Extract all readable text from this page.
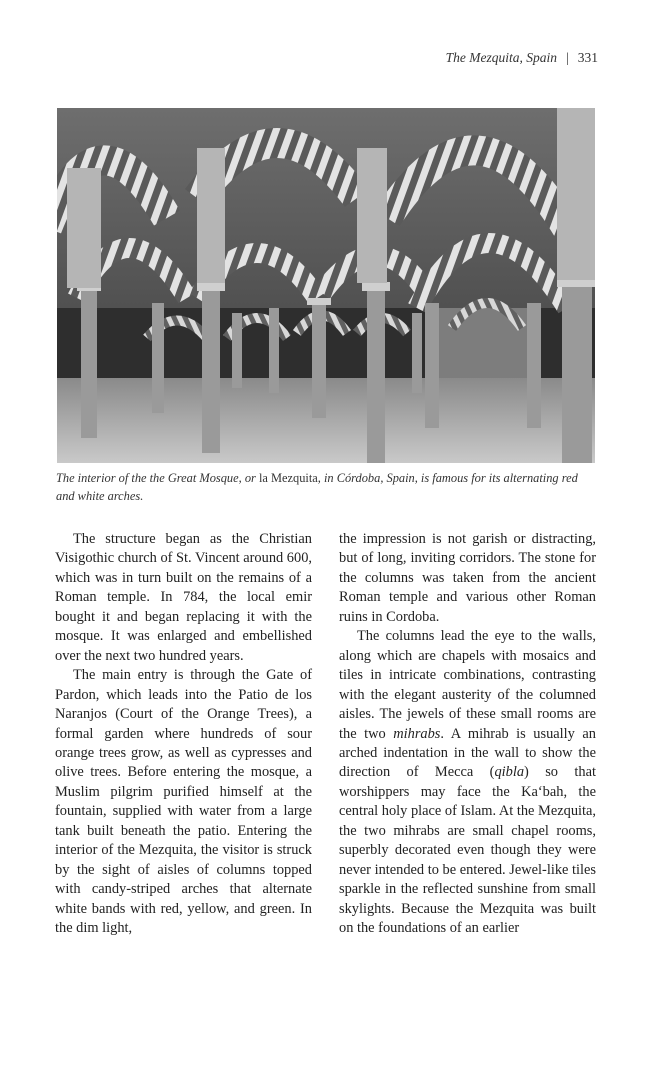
The Mezquita, Spain | 331
The interior of the the Great Mosque, or la Mezquita, in Córdoba, Spain, is famous for its alternating red and white arches.

The structure began as the Christian Visigothic church of St. Vincent around 600, which was in turn built on the remains of a Roman temple. In 784, the local emir bought it and began replacing it with the mosque. It was enlarged and embellished over the next two hundred years.

The main entry is through the Gate of Pardon, which leads into the Patio de los Naranjos (Court of the Orange Trees), a formal garden where hundreds of sour orange trees grow, as well as cypresses and olive trees. Before entering the mosque, a Muslim pilgrim purified himself at the fountain, supplied with water from a large tank built beneath the patio. Entering the interior of the Mezquita, the visitor is struck by the sight of aisles of columns topped with candy-striped arches that alternate white bands with red, yellow, and green. In the dim light,

the impression is not garish or distracting, but of long, inviting corridors. The stone for the columns was taken from the ancient Roman temple and various other Roman ruins in Cordoba.

The columns lead the eye to the walls, along which are chapels with mosaics and tiles in intricate combinations, contrasting with the elegant austerity of the columned aisles. The jewels of these small rooms are the two mihrabs. A mihrab is usually an arched indentation in the wall to show the direction of Mecca (qibla) so that worshippers may face the Ka‘bah, the central holy place of Islam. At the Mezquita, the two mihrabs are small chapel rooms, superbly decorated even though they were never intended to be entered. Jewel-like tiles sparkle in the reflected sunshine from small skylights. Because the Mezquita was built on the foundations of an earlier
